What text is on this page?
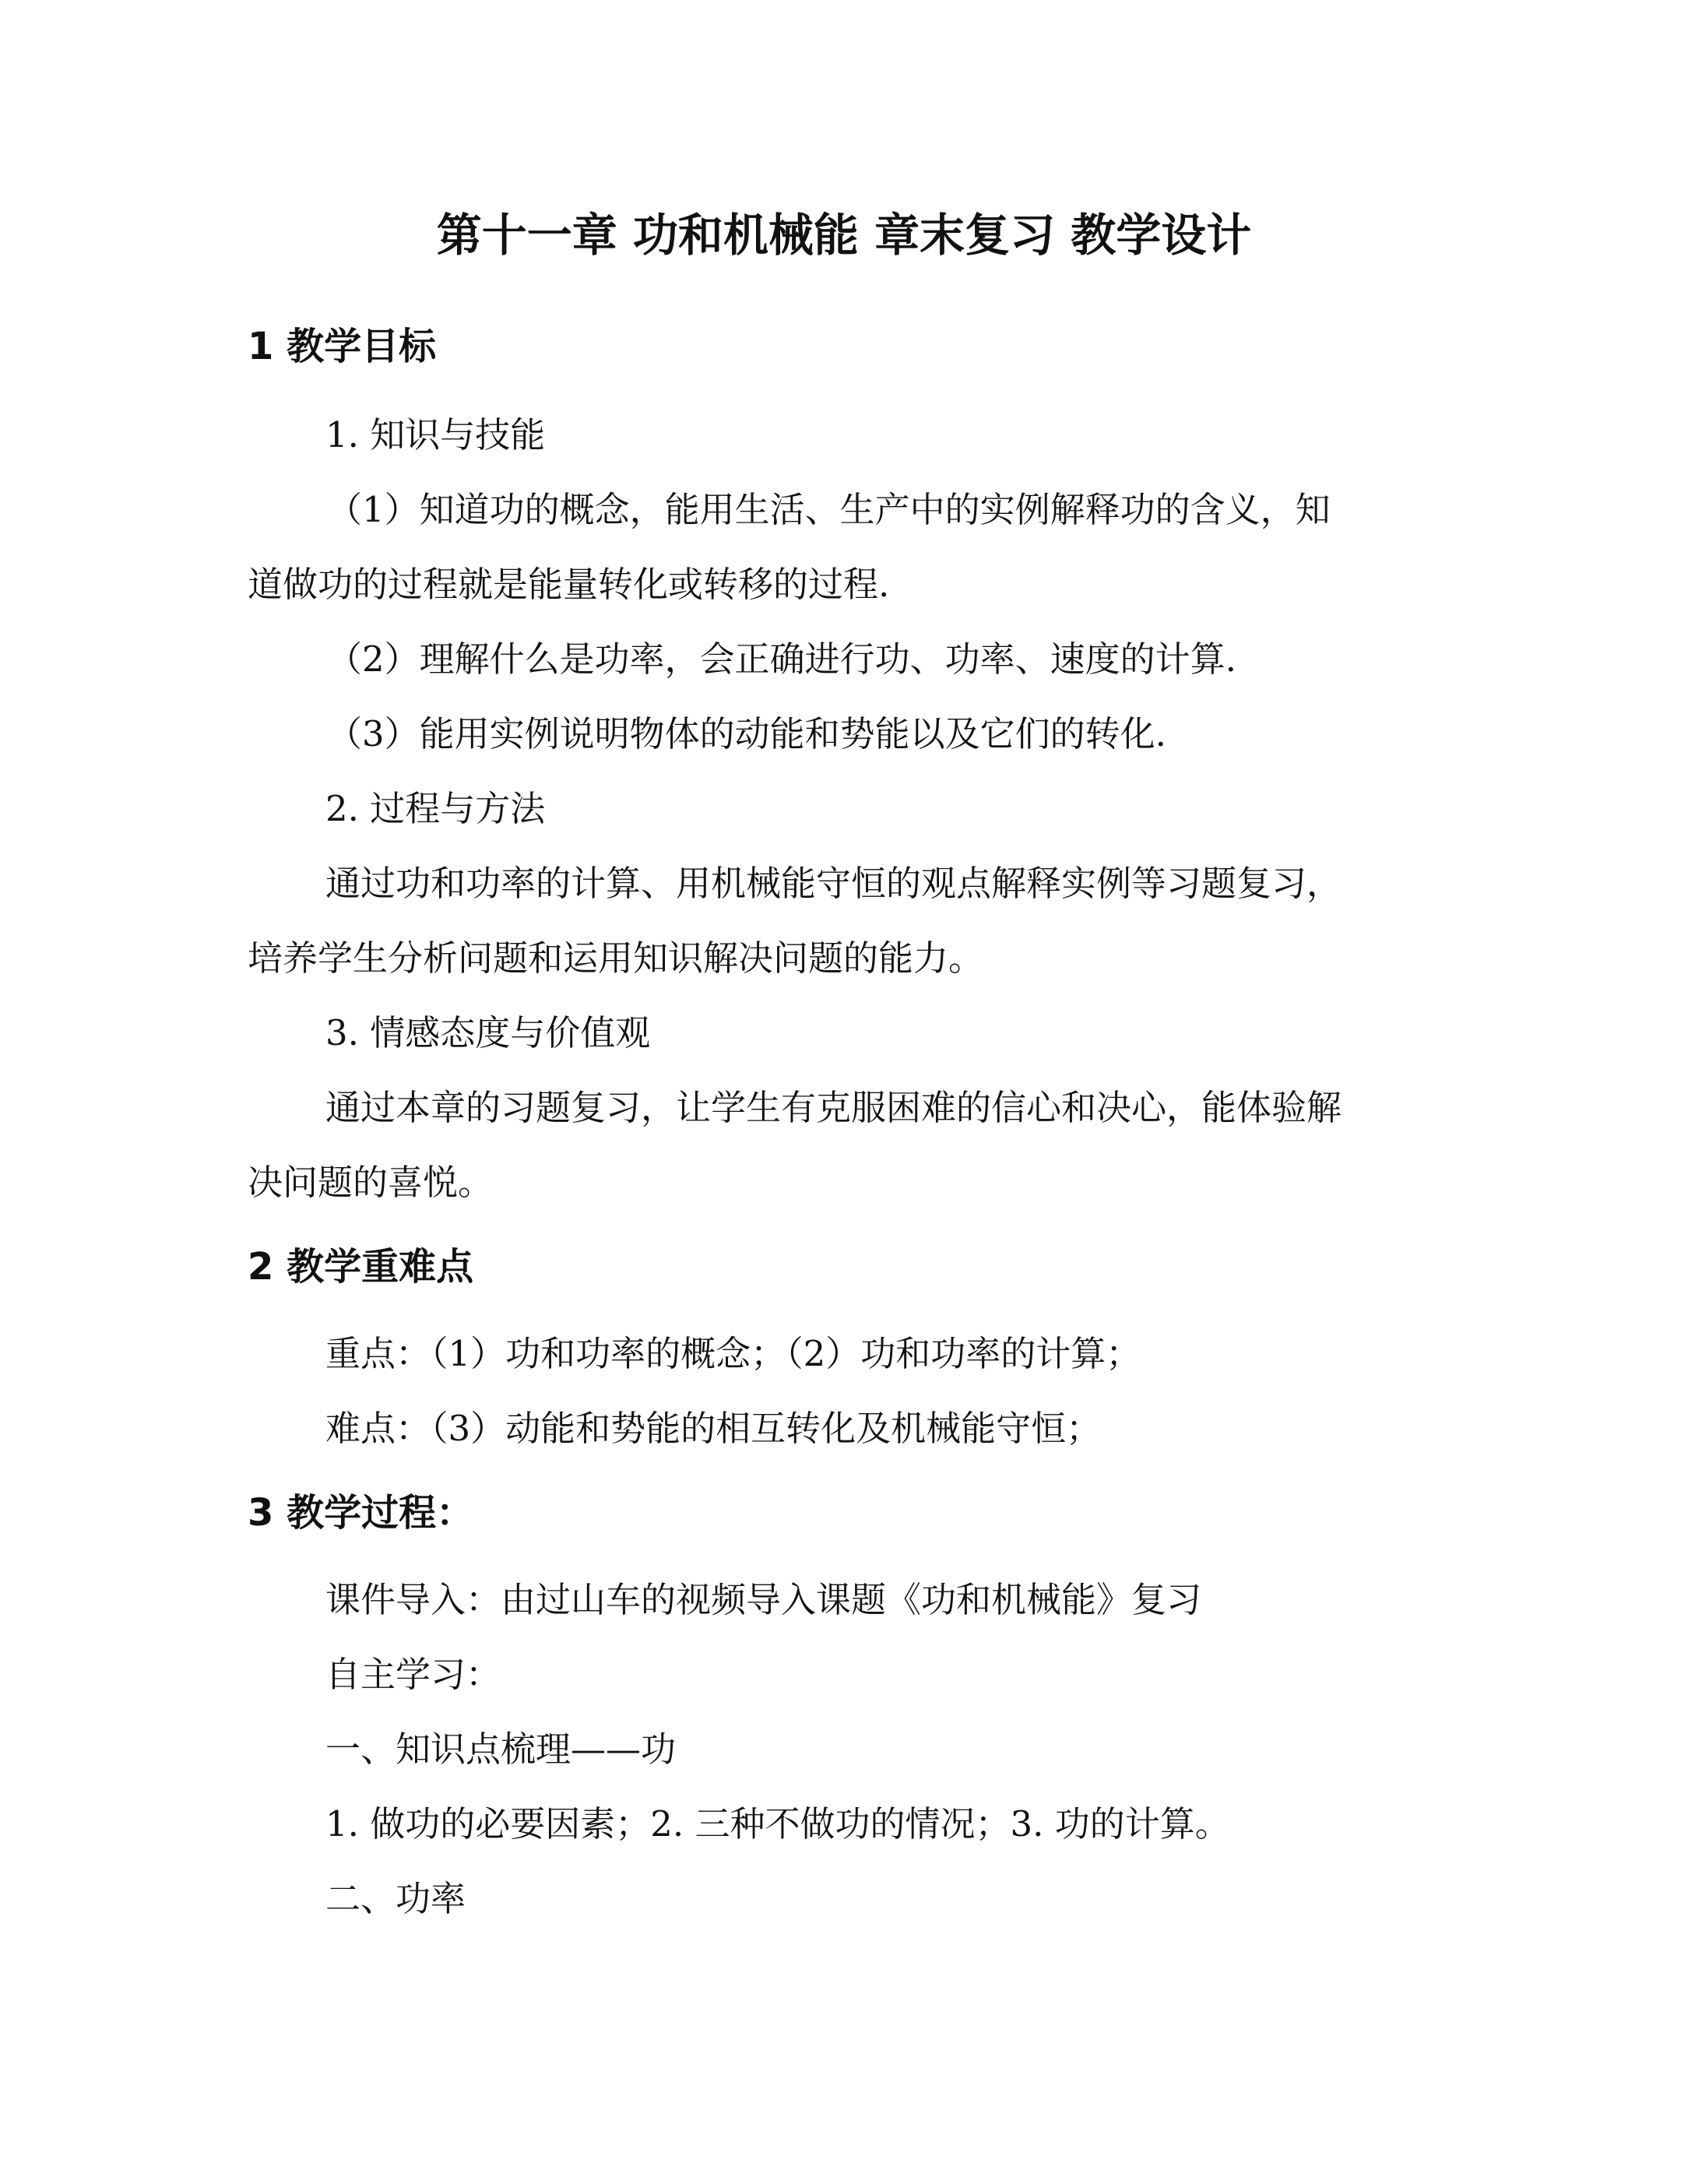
第十一章 功和机械能 章末复习 教学设计
1 教学目标
1. 知识与技能
（1）知道功的概念，能用生活、生产中的实例解释功的含义，知
道做功的过程就是能量转化或转移的过程.
（2）理解什么是功率，会正确进行功、功率、速度的计算.
（3）能用实例说明物体的动能和势能以及它们的转化.
2. 过程与方法
通过功和功率的计算、用机械能守恒的观点解释实例等习题复习，
培养学生分析问题和运用知识解决问题的能力。
3. 情感态度与价值观
通过本章的习题复习，让学生有克服困难的信心和决心，能体验解
决问题的喜悦。
2 教学重难点
重点：（1）功和功率的概念；（2）功和功率的计算；
难点：（3）动能和势能的相互转化及机械能守恒；
3 教学过程：
课件导入：由过山车的视频导入课题《功和机械能》复习
自主学习：
一、知识点梳理——功
1. 做功的必要因素；2. 三种不做功的情况；3. 功的计算。
二、功率
